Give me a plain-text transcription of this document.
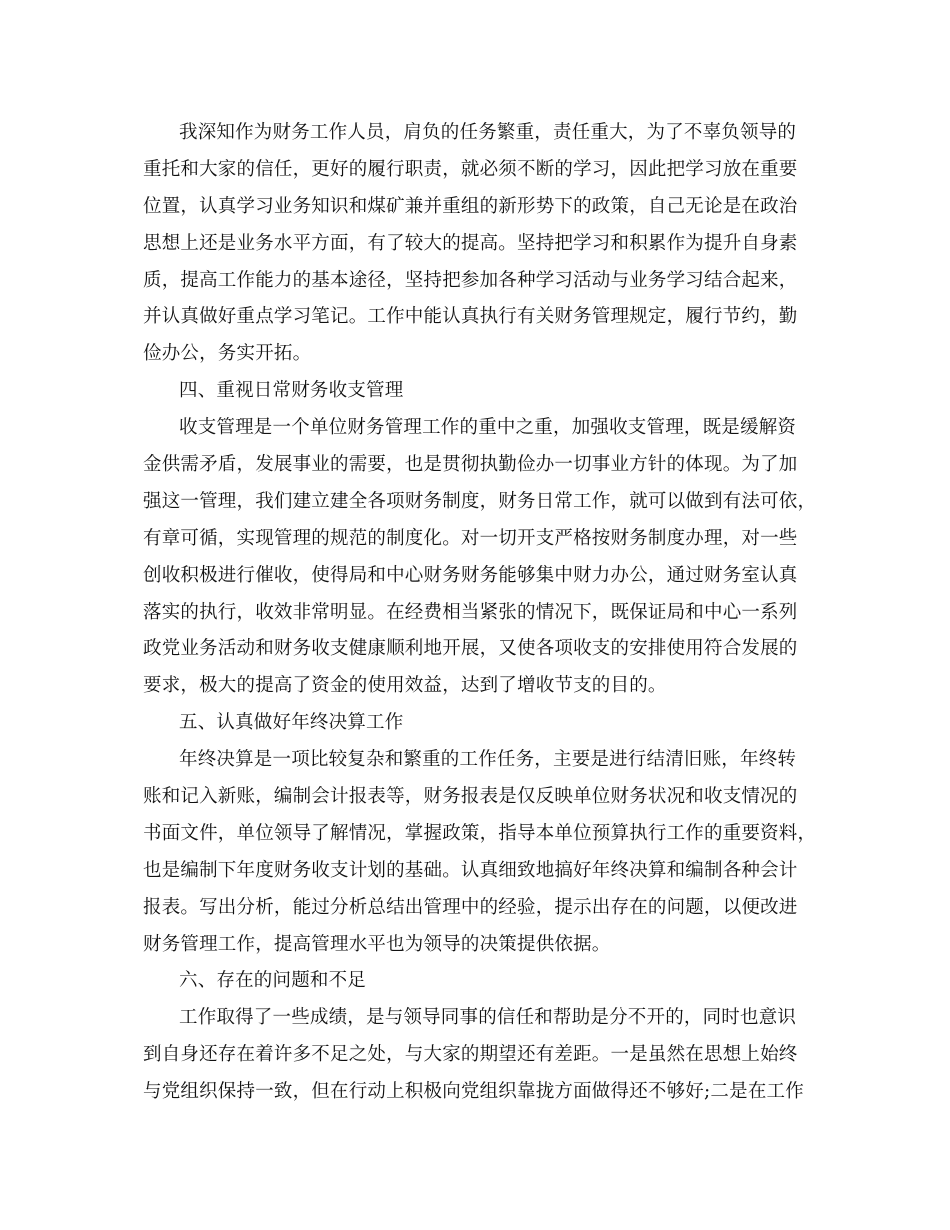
我深知作为财务工作人员，肩负的任务繁重，责任重大，为了不辜负领导的
重托和大家的信任，更好的履行职责，就必须不断的学习，因此把学习放在重要
位置，认真学习业务知识和煤矿兼并重组的新形势下的政策，自己无论是在政治
思想上还是业务水平方面，有了较大的提高。坚持把学习和积累作为提升自身素
质，提高工作能力的基本途径，坚持把参加各种学习活动与业务学习结合起来，
并认真做好重点学习笔记。工作中能认真执行有关财务管理规定，履行节约，勤
俭办公，务实开拓。
四、重视日常财务收支管理
收支管理是一个单位财务管理工作的重中之重，加强收支管理，既是缓解资
金供需矛盾，发展事业的需要，也是贯彻执勤俭办一切事业方针的体现。为了加
强这一管理，我们建立建全各项财务制度，财务日常工作，就可以做到有法可依，
有章可循，实现管理的规范的制度化。对一切开支严格按财务制度办理，对一些
创收积极进行催收，使得局和中心财务财务能够集中财力办公，通过财务室认真
落实的执行，收效非常明显。在经费相当紧张的情况下，既保证局和中心一系列
政党业务活动和财务收支健康顺利地开展，又使各项收支的安排使用符合发展的
要求，极大的提高了资金的使用效益，达到了增收节支的目的。
五、认真做好年终决算工作
年终决算是一项比较复杂和繁重的工作任务，主要是进行结清旧账，年终转
账和记入新账，编制会计报表等，财务报表是仅反映单位财务状况和收支情况的
书面文件，单位领导了解情况，掌握政策，指导本单位预算执行工作的重要资料，
也是编制下年度财务收支计划的基础。认真细致地搞好年终决算和编制各种会计
报表。写出分析，能过分析总结出管理中的经验，提示出存在的问题，以便改进
财务管理工作，提高管理水平也为领导的决策提供依据。
六、存在的问题和不足
工作取得了一些成绩，是与领导同事的信任和帮助是分不开的，同时也意识
到自身还存在着许多不足之处，与大家的期望还有差距。一是虽然在思想上始终
与党组织保持一致，但在行动上积极向党组织靠拢方面做得还不够好;二是在工作
